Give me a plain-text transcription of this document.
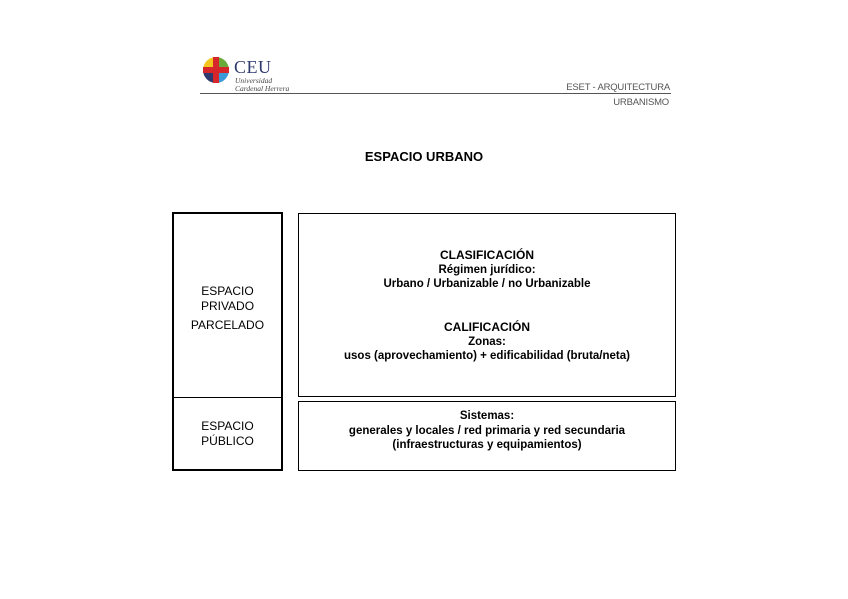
CEU
Universidad
Cardenal Herrera	ESET - ARQUITECTURA
URBANISMO
ESPACIO URBANO
ESPACIO
PRIVADO
PARCELADO
ESPACIO
PÚBLICO
CLASIFICACIÓN
Régimen jurídico:
Urbano / Urbanizable / no Urbanizable
CALIFICACIÓN
Zonas:
usos (aprovechamiento) + edificabilidad (bruta/neta)
Sistemas:
generales y locales / red primaria y red secundaria
(infraestructuras y equipamientos)
